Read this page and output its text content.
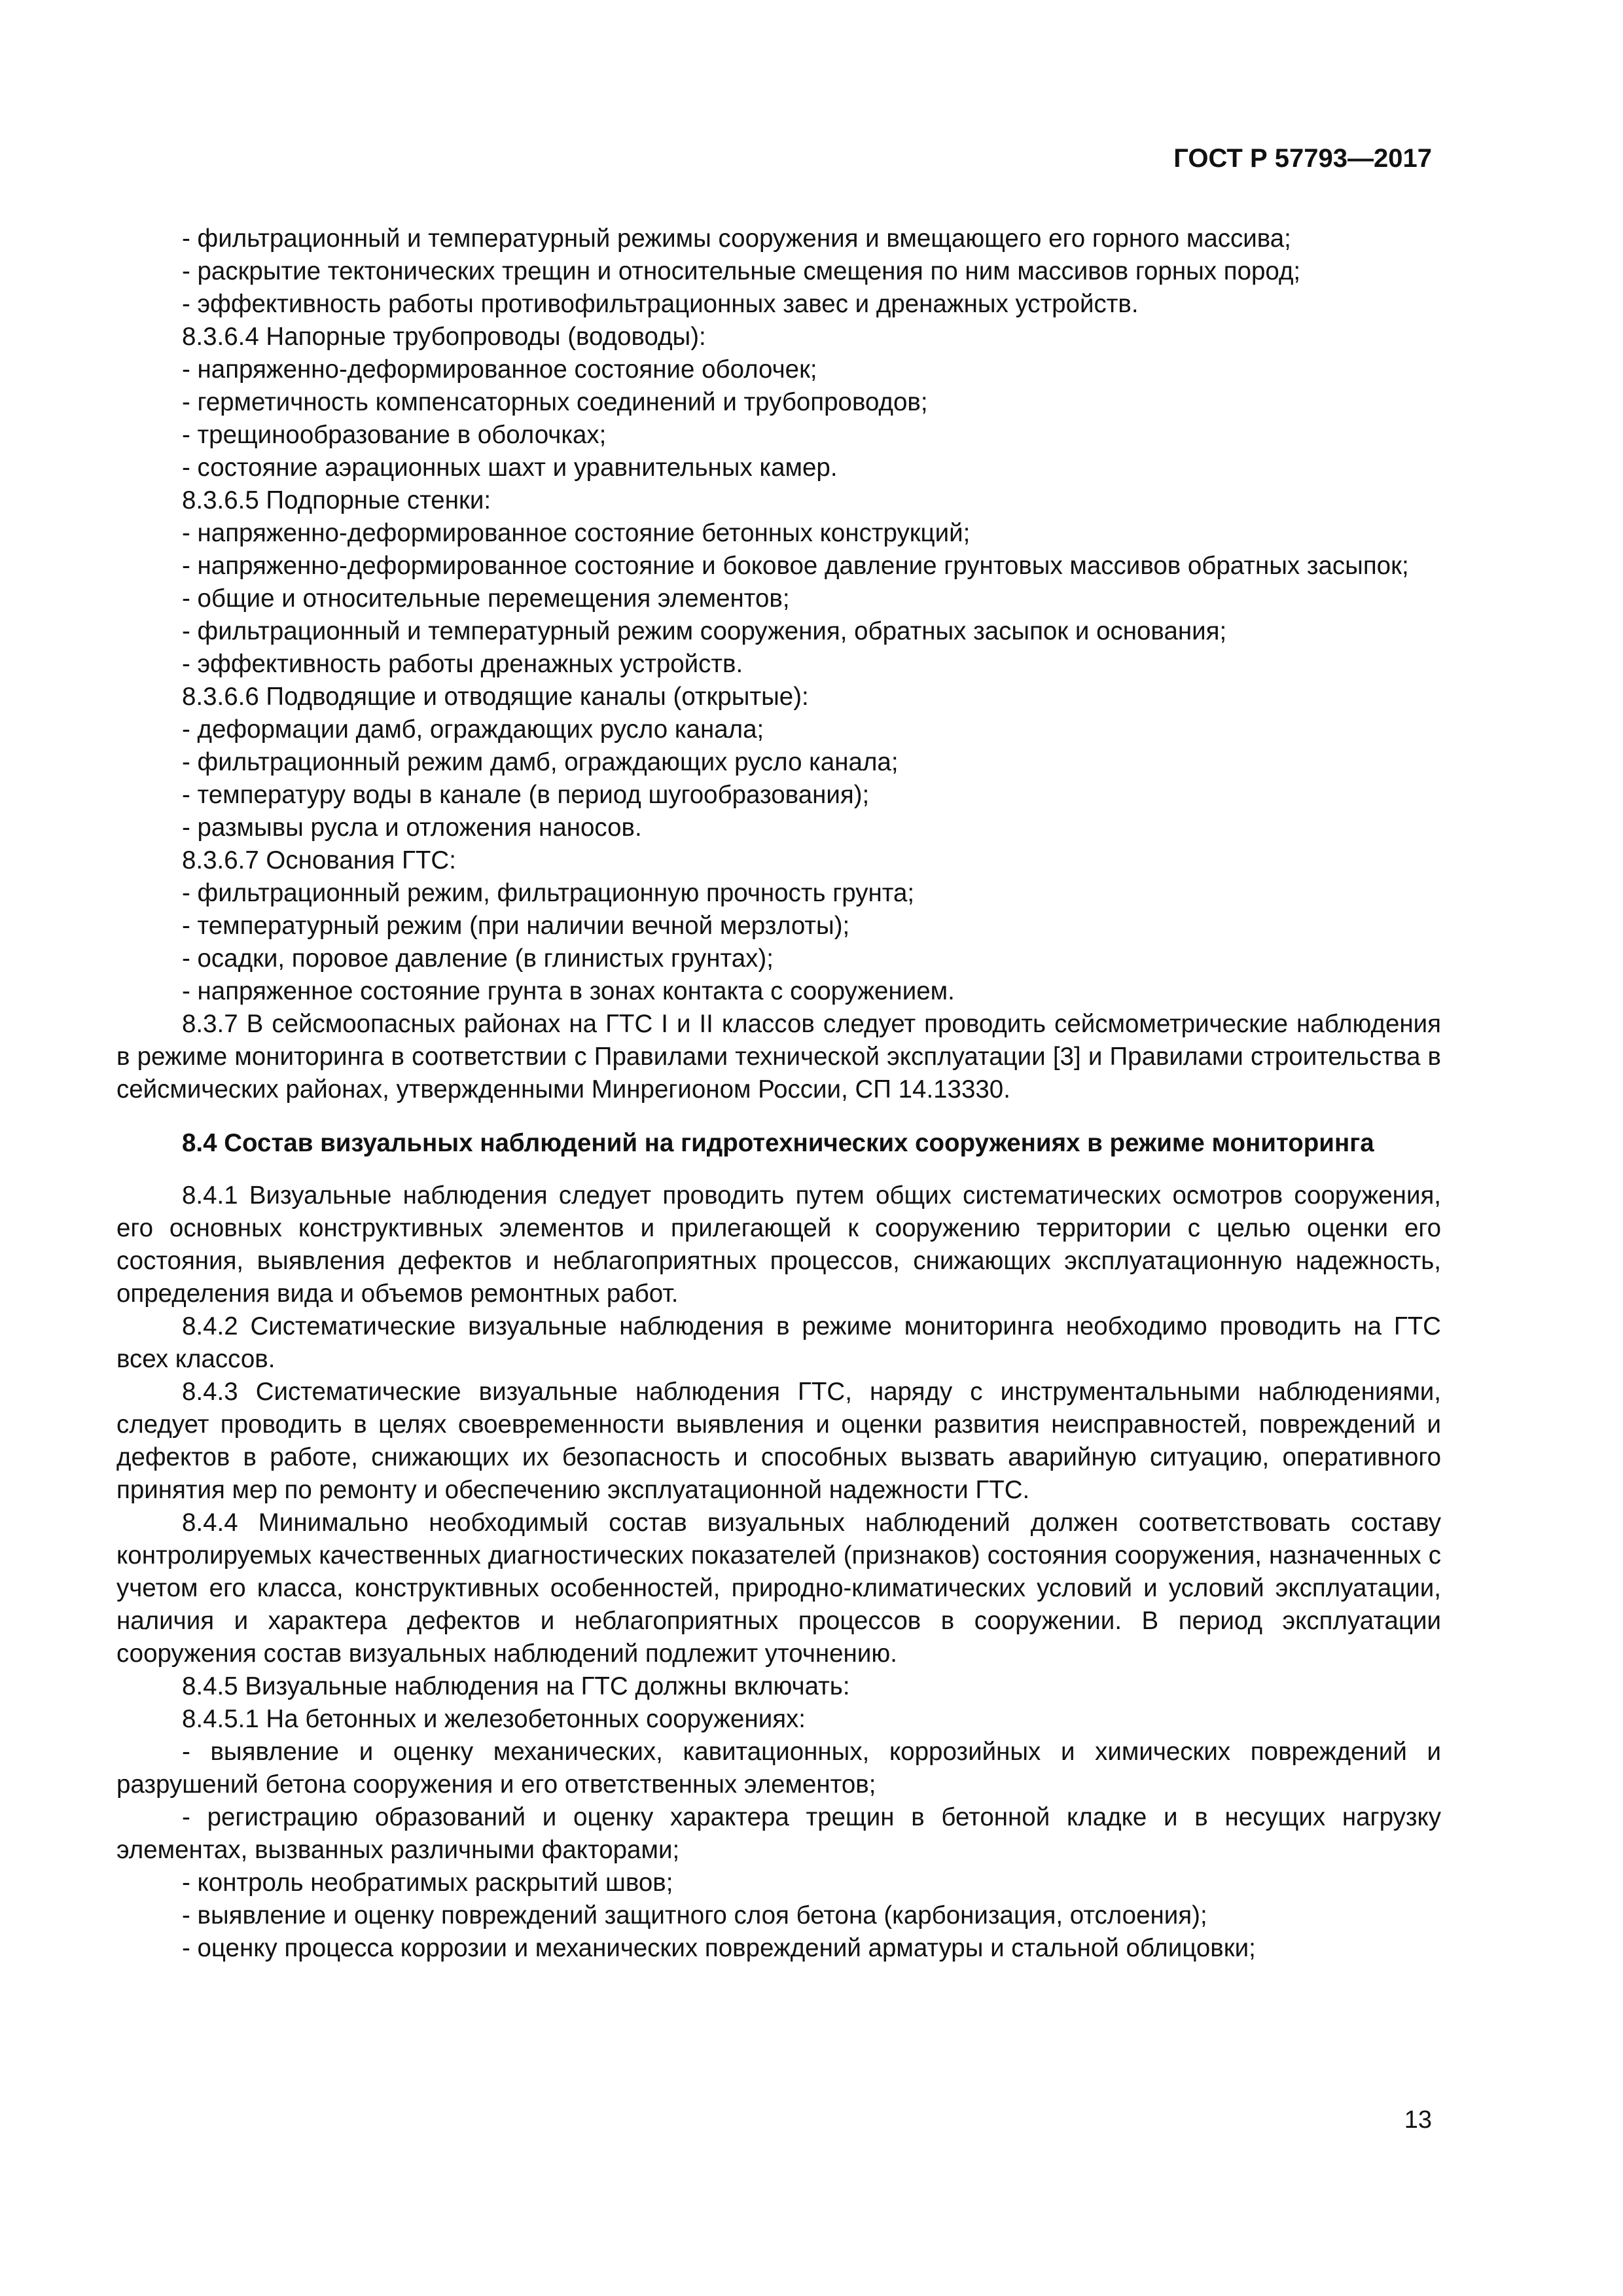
ГОСТ Р 57793—2017
- фильтрационный и температурный режимы сооружения и вмещающего его горного массива;
- раскрытие тектонических трещин и относительные смещения по ним массивов горных пород;
- эффективность работы противофильтрационных завес и дренажных устройств.
8.3.6.4 Напорные трубопроводы (водоводы):
- напряженно-деформированное состояние оболочек;
- герметичность компенсаторных соединений и трубопроводов;
- трещинообразование в оболочках;
- состояние аэрационных шахт и уравнительных камер.
8.3.6.5 Подпорные стенки:
- напряженно-деформированное состояние бетонных конструкций;
- напряженно-деформированное состояние и боковое давление грунтовых массивов обратных засыпок;
- общие и относительные перемещения элементов;
- фильтрационный и температурный режим сооружения, обратных засыпок и основания;
- эффективность работы дренажных устройств.
8.3.6.6 Подводящие и отводящие каналы (открытые):
- деформации дамб, ограждающих русло канала;
- фильтрационный режим дамб, ограждающих русло канала;
- температуру воды в канале (в период шугообразования);
- размывы русла и отложения наносов.
8.3.6.7 Основания ГТС:
- фильтрационный режим, фильтрационную прочность грунта;
- температурный режим (при наличии вечной мерзлоты);
- осадки, поровое давление (в глинистых грунтах);
- напряженное состояние грунта в зонах контакта с сооружением.
8.3.7 В сейсмоопасных районах на ГТС I и II классов следует проводить сейсмометрические наблюдения в режиме мониторинга в соответствии с Правилами технической эксплуатации [3] и Правилами строительства в сейсмических районах, утвержденными Минрегионом России, СП 14.13330.
8.4 Состав визуальных наблюдений на гидротехнических сооружениях в режиме мониторинга
8.4.1 Визуальные наблюдения следует проводить путем общих систематических осмотров сооружения, его основных конструктивных элементов и прилегающей к сооружению территории с целью оценки его состояния, выявления дефектов и неблагоприятных процессов, снижающих эксплуатационную надежность, определения вида и объемов ремонтных работ.
8.4.2 Систематические визуальные наблюдения в режиме мониторинга необходимо проводить на ГТС всех классов.
8.4.3 Систематические визуальные наблюдения ГТС, наряду с инструментальными наблюдениями, следует проводить в целях своевременности выявления и оценки развития неисправностей, повреждений и дефектов в работе, снижающих их безопасность и способных вызвать аварийную ситуацию, оперативного принятия мер по ремонту и обеспечению эксплуатационной надежности ГТС.
8.4.4 Минимально необходимый состав визуальных наблюдений должен соответствовать составу контролируемых качественных диагностических показателей (признаков) состояния сооружения, назначенных с учетом его класса, конструктивных особенностей, природно-климатических условий и условий эксплуатации, наличия и характера дефектов и неблагоприятных процессов в сооружении. В период эксплуатации сооружения состав визуальных наблюдений подлежит уточнению.
8.4.5 Визуальные наблюдения на ГТС должны включать:
8.4.5.1 На бетонных и железобетонных сооружениях:
- выявление и оценку механических, кавитационных, коррозийных и химических повреждений и разрушений бетона сооружения и его ответственных элементов;
- регистрацию образований и оценку характера трещин в бетонной кладке и в несущих нагрузку элементах, вызванных различными факторами;
- контроль необратимых раскрытий швов;
- выявление и оценку повреждений защитного слоя бетона (карбонизация, отслоения);
- оценку процесса коррозии и механических повреждений арматуры и стальной облицовки;
13
